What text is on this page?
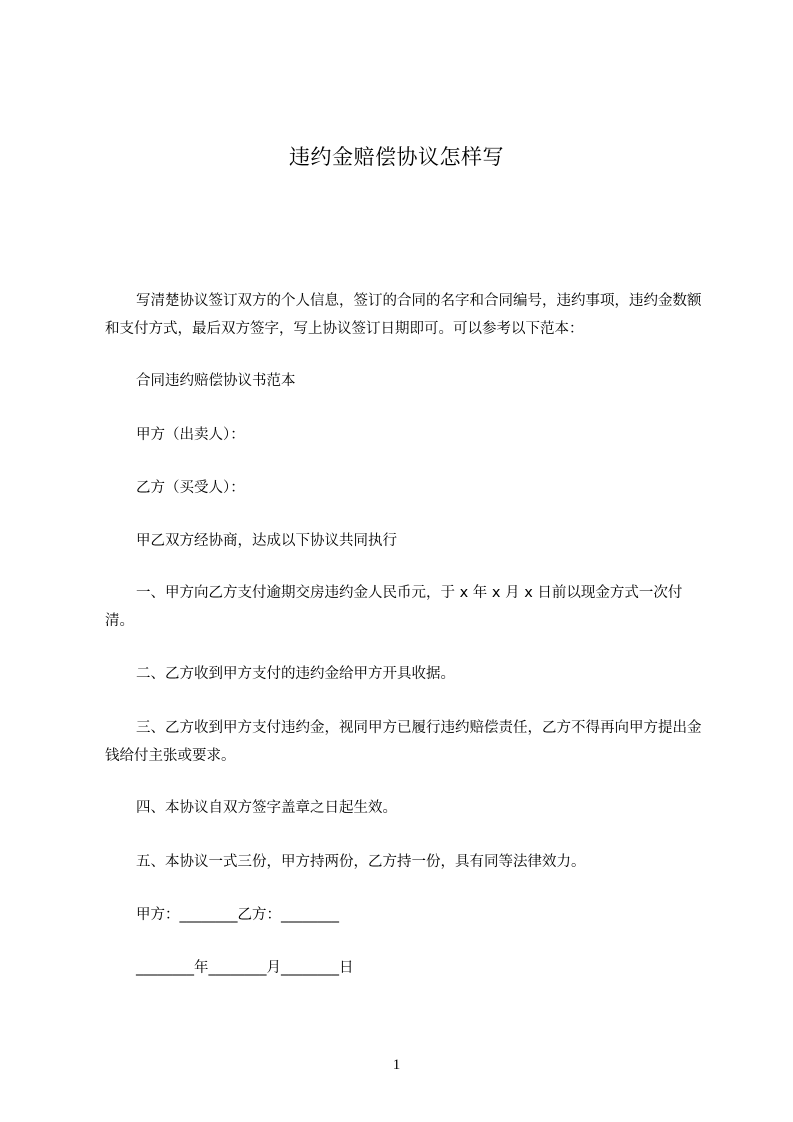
违约金赔偿协议怎样写
写清楚协议签订双方的个人信息，签订的合同的名字和合同编号，违约事项，违约金数额和支付方式，最后双方签字，写上协议签订日期即可。可以参考以下范本：
合同违约赔偿协议书范本
甲方（出卖人）：
乙方（买受人）：
甲乙双方经协商，达成以下协议共同执行
一、甲方向乙方支付逾期交房违约金人民币元，于 x 年 x 月 x 日前以现金方式一次付清。
二、乙方收到甲方支付的违约金给甲方开具收据。
三、乙方收到甲方支付违约金，视同甲方已履行违约赔偿责任，乙方不得再向甲方提出金钱给付主张或要求。
四、本协议自双方签字盖章之日起生效。
五、本协议一式三份，甲方持两份，乙方持一份，具有同等法律效力。
甲方：________乙方：________
________年________月________日
1
